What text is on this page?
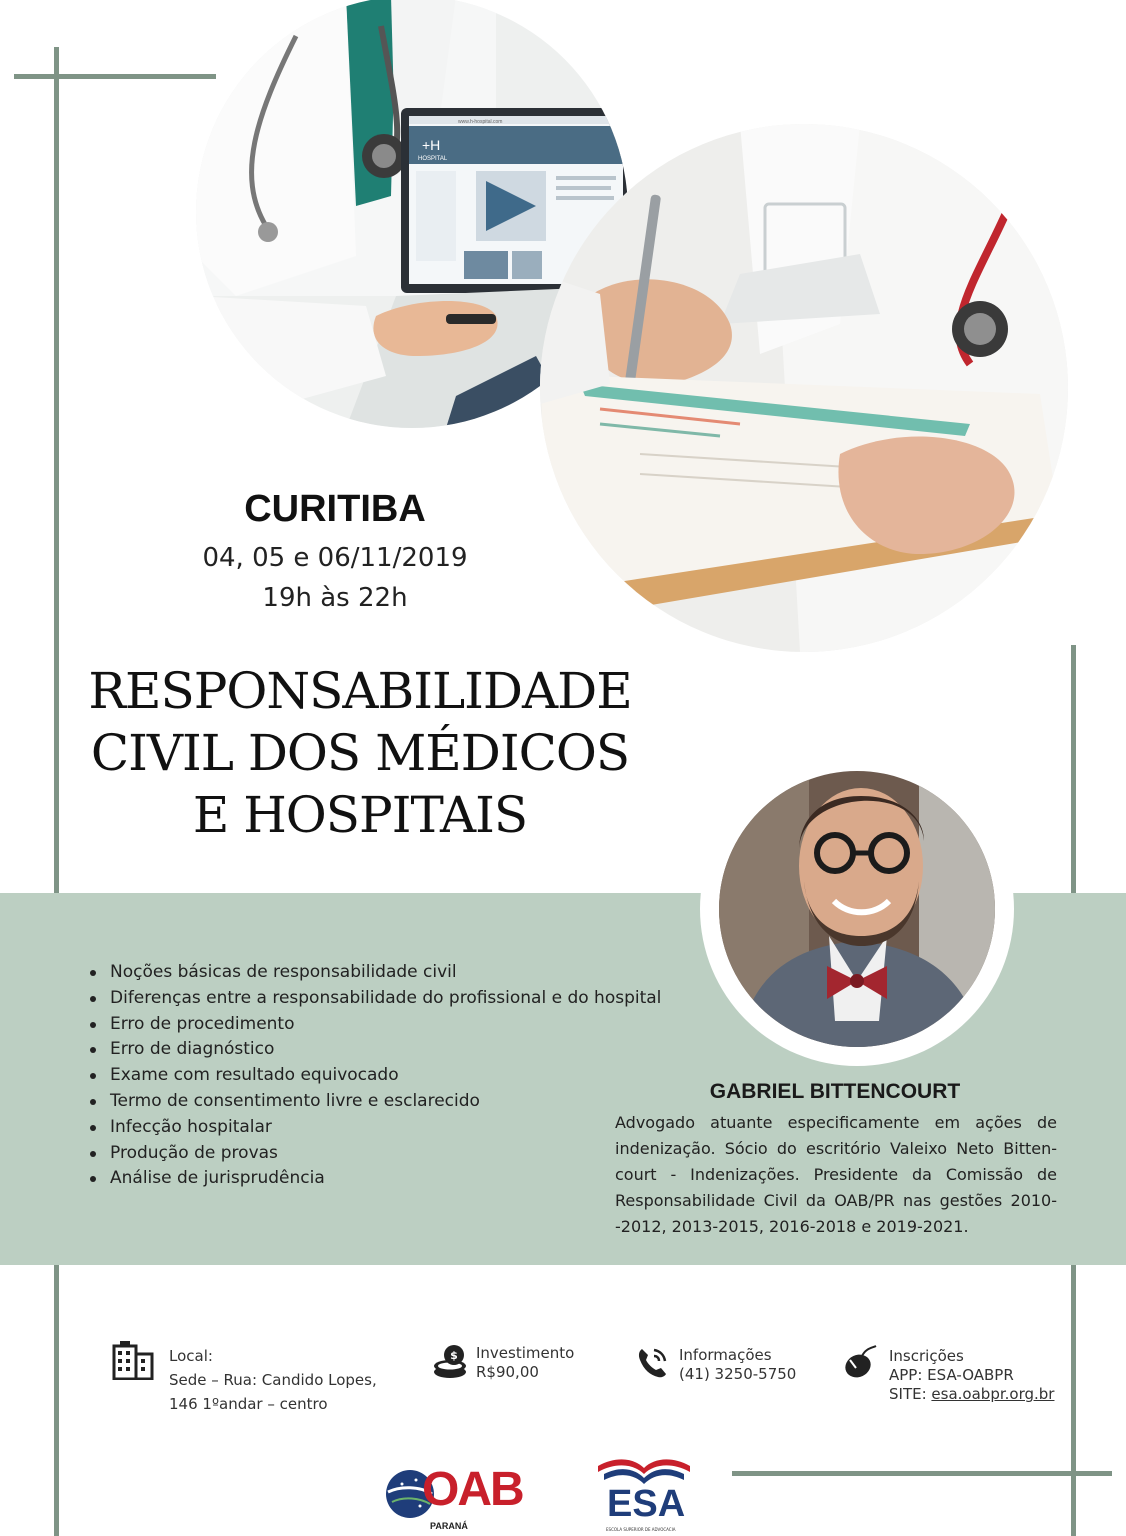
+H
HOSPITAL
www.h-hospital.com
CURITIBA
04, 05 e 06/11/2019
19h às 22h
RESPONSABILIDADE
CIVIL DOS MÉDICOS
E HOSPITAIS
Noções básicas de responsabilidade civil
Diferenças entre a responsabilidade do profissional e do hospital
Erro de procedimento
Erro de diagnóstico
Exame com resultado equivocado
Termo de consentimento livre e esclarecido
Infecção hospitalar
Produção de provas
Análise de jurisprudência
GABRIEL BITTENCOURT
Advogado atuante especificamente em ações de indenização. Sócio do escritório Valeixo Neto Bitten-court - Indenizações. Presidente da Comissão de Responsabilidade Civil da OAB/PR nas gestões 2010--2012, 2013-2015, 2016-2018 e 2019-2021.
Local:
Sede – Rua: Candido Lopes,
146 1ºandar – centro
$ Investimento
R$90,00
Informações
(41) 3250-5750
Inscrições
APP: ESA-OABPR
SITE: esa.oabpr.org.br
OAB
PARANÁ
ESA
ESCOLA SUPERIOR DE ADVOCACIA
